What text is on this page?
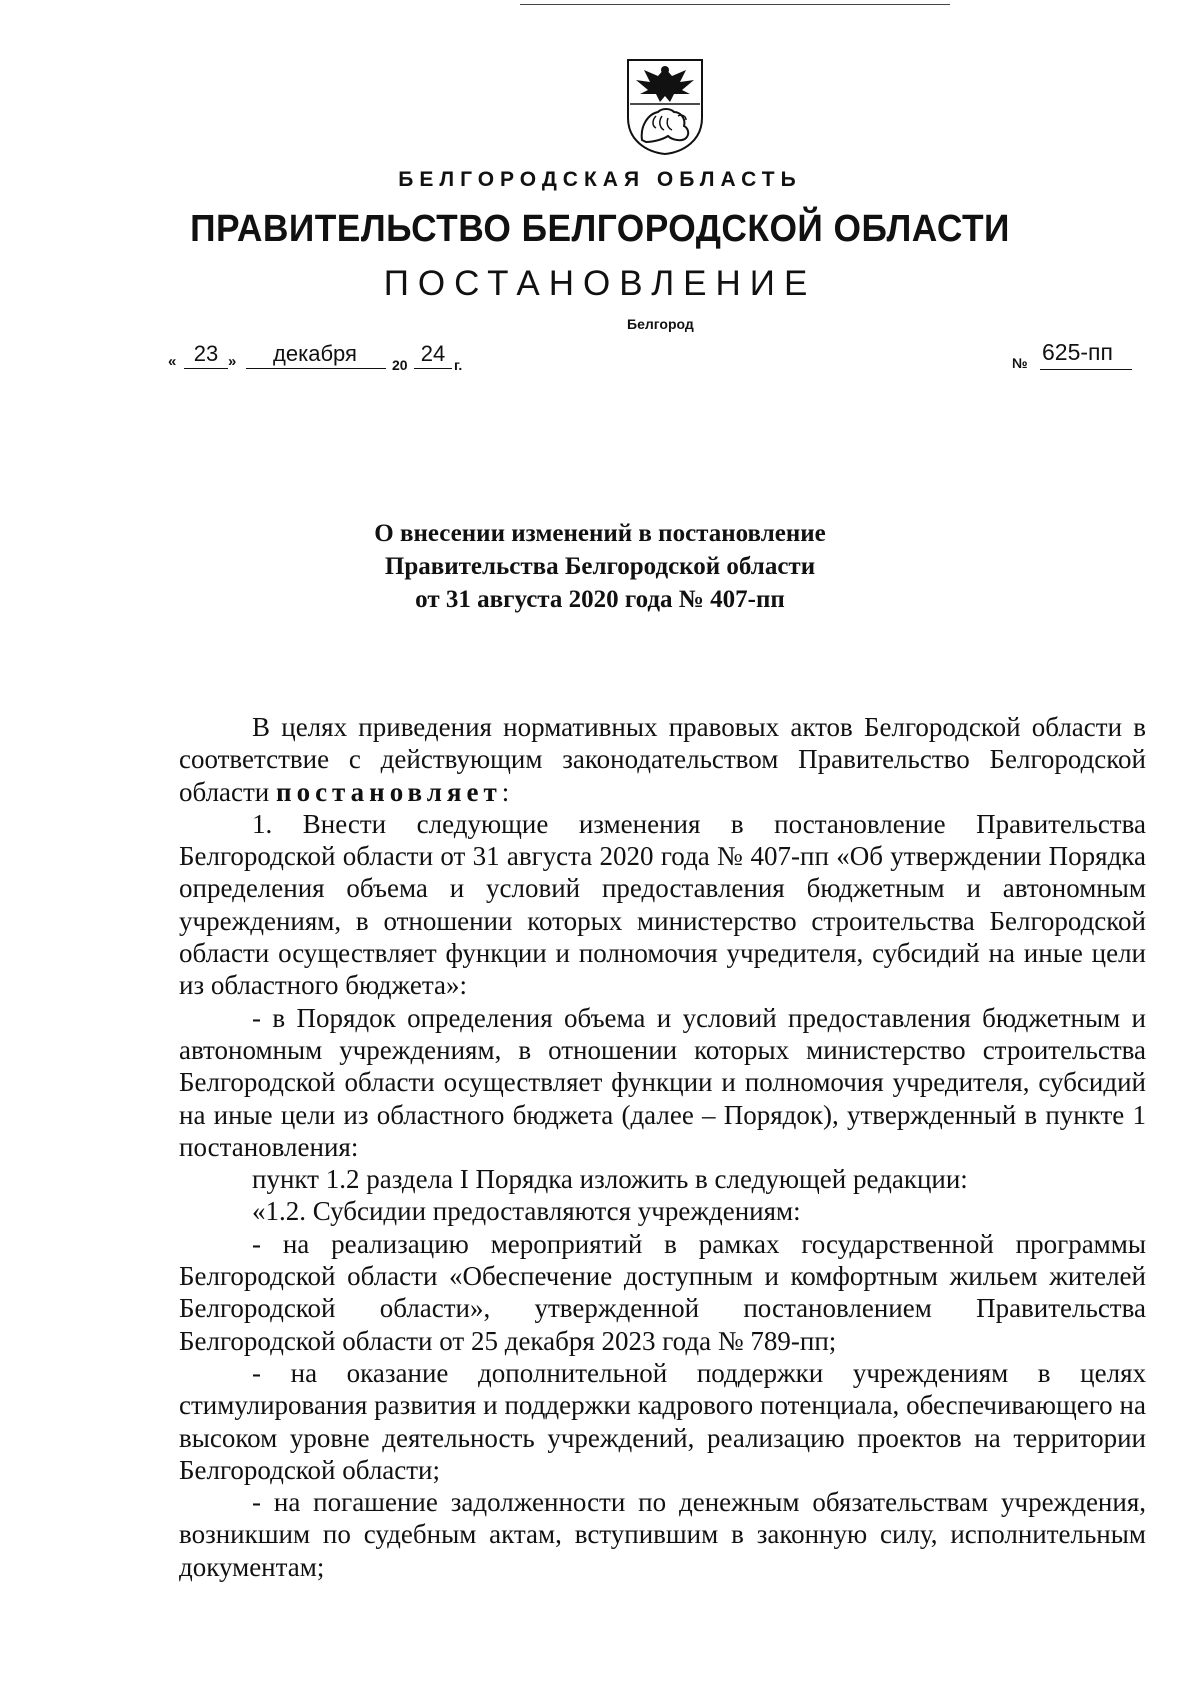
БЕЛГОРОДСКАЯ ОБЛАСТЬ
ПРАВИТЕЛЬСТВО БЕЛГОРОДСКОЙ ОБЛАСТИ
ПОСТАНОВЛЕНИЕ
Белгород
« 23 »	декабря	20 24 г.	№ 625-пп
О внесении изменений в постановление
Правительства Белгородской области
от 31 августа 2020 года № 407-пп

В целях приведения нормативных правовых актов Белгородской области в соответствие с действующим законодательством Правительство Белгородской области постановляет:

1. Внести следующие изменения в постановление Правительства Белгородской области от 31 августа 2020 года № 407-пп «Об утверждении Порядка определения объема и условий предоставления бюджетным и автономным учреждениям, в отношении которых министерство строительства Белгородской области осуществляет функции и полномочия учредителя, субсидий на иные цели из областного бюджета»:

- в Порядок определения объема и условий предоставления бюджетным и автономным учреждениям, в отношении которых министерство строительства Белгородской области осуществляет функции и полномочия учредителя, субсидий на иные цели из областного бюджета (далее – Порядок), утвержденный в пункте 1 постановления:

пункт 1.2 раздела I Порядка изложить в следующей редакции:

«1.2. Субсидии предоставляются учреждениям:

- на реализацию мероприятий в рамках государственной программы Белгородской области «Обеспечение доступным и комфортным жильем жителей Белгородской области», утвержденной постановлением Правительства Белгородской области от 25 декабря 2023 года № 789-пп;

- на оказание дополнительной поддержки учреждениям в целях стимулирования развития и поддержки кадрового потенциала, обеспечивающего на высоком уровне деятельность учреждений, реализацию проектов на территории Белгородской области;

- на погашение задолженности по денежным обязательствам учреждения, возникшим по судебным актам, вступившим в законную силу, исполнительным документам;
